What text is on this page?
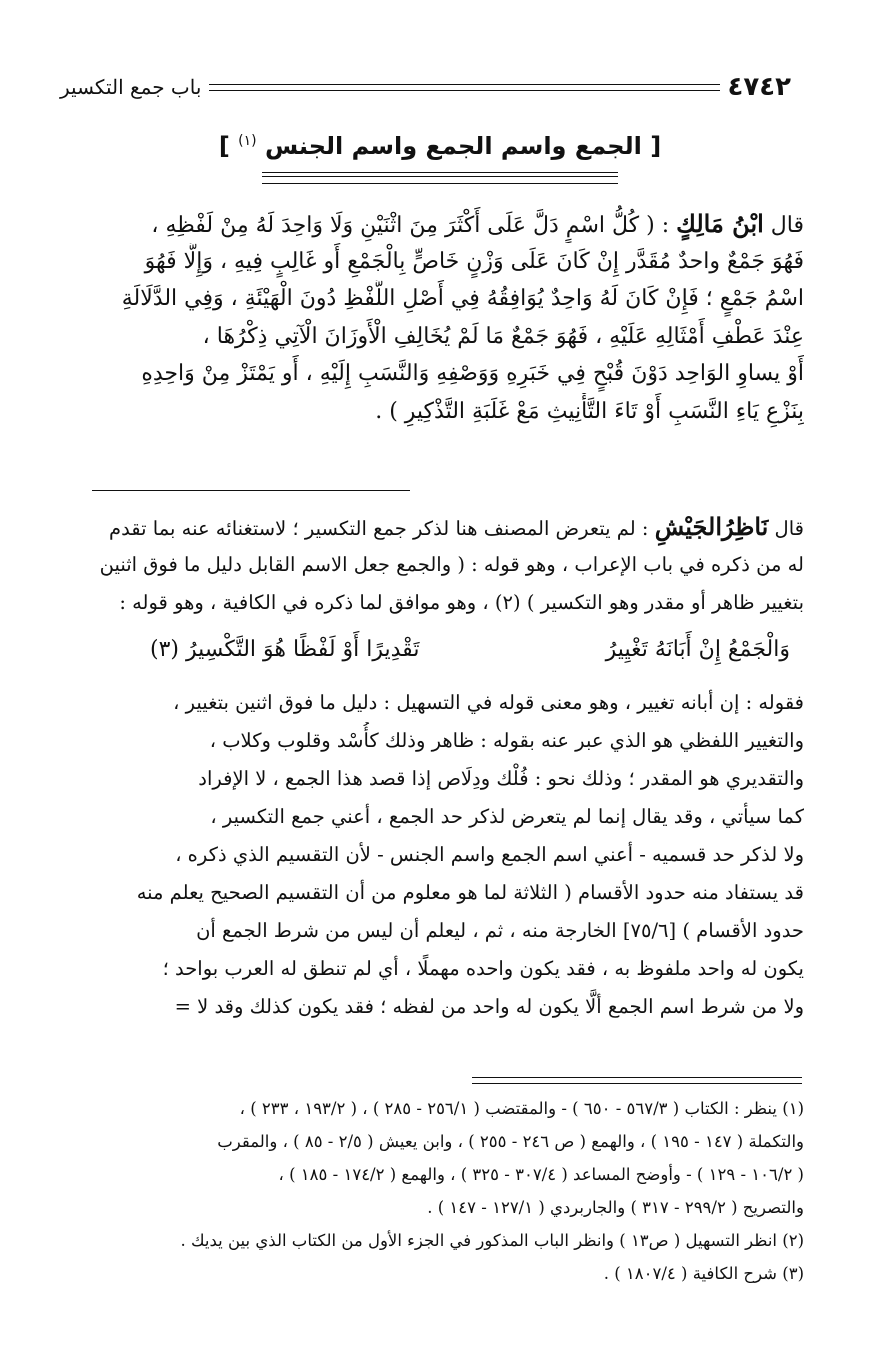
٤٧٤٢
باب جمع التكسير
[ الجمع واسم الجمع واسم الجنس $^{(١)}$ ]
قال ابْنُ مَالِكٍ : ( كُلُّ اسْمٍ دَلَّ عَلَى أَكْثَرَ مِنَ اثْنَيْنِ وَلَا وَاحِدَ لَهُ مِنْ لَفْظِهِ ،
فَهُوَ جَمْعٌ واحدٌ مُقَدَّر إِنْ كَانَ عَلَى وَزْنٍ خَاصٍّ بِالْجَمْعِ أَو غَالِبٍ فِيهِ ، وَإِلَّا فَهُوَ
اسْمُ جَمْعٍ ؛ فَإِنْ كَانَ لَهُ وَاحِدٌ يُوَافِقُهُ فِي أَصْلِ اللَّفْظِ دُونَ الْهَيْئَةِ ، وَفِي الدَّلَالَةِ
عِنْدَ عَطْفِ أَمْثَالِهِ عَلَيْهِ ، فَهُوَ جَمْعٌ مَا لَمْ يُخَالِفِ الْأَوزَانَ الْآتِي ذِكْرُهَا ،
أَوْ يساوِ الوَاحِد دَوْنَ قُبْحٍ فِي خَبَرِهِ وَوَصْفِهِ وَالنَّسَبِ إِلَيْهِ ، أَو يَمْتَزْ مِنْ وَاحِدِهِ
بِنَزْعِ يَاءِ النَّسَبِ أَوْ تَاءَ التَّأْنِيثِ مَعْ غَلَبَةِ التَّذْكِيرِ ) .
قال نَاظِرُالجَيْشِ : لم يتعرض المصنف هنا لذكر جمع التكسير ؛ لاستغنائه عنه بما تقدم
له من ذكره في باب الإعراب ، وهو قوله : ( والجمع جعل الاسم القابل دليل ما فوق اثنين
بتغيير ظاهر أو مقدر وهو التكسير ) (٢) ، وهو موافق لما ذكره في الكافية ، وهو قوله :
وَالْجَمْعُ إِنْ أَبَانَهُ تَغْيِيرُ
تَقْدِيرًا أَوْ لَفْظًا هُوَ التَّكْسِيرُ (٣)
فقوله : إن أبانه تغيير ، وهو معنى قوله في التسهيل : دليل ما فوق اثنين بتغيير ،
والتغيير اللفظي هو الذي عبر عنه بقوله : ظاهر وذلك كأُسْد وقلوب وكلاب ،
والتقديري هو المقدر ؛ وذلك نحو : فُلْك ودِلَاص إذا قصد هذا الجمع ، لا الإفراد
كما سيأتي ، وقد يقال إنما لم يتعرض لذكر حد الجمع ، أعني جمع التكسير ،
ولا لذكر حد قسميه - أعني اسم الجمع واسم الجنس - لأن التقسيم الذي ذكره ،
قد يستفاد منه حدود الأقسام ( الثلاثة لما هو معلوم من أن التقسيم الصحيح يعلم منه
حدود الأقسام ) [٧٥/٦] الخارجة منه ، ثم ، ليعلم أن ليس من شرط الجمع أن
يكون له واحد ملفوظ به ، فقد يكون واحده مهملًا ، أي لم تنطق له العرب بواحد ؛
ولا من شرط اسم الجمع ألَّا يكون له واحد من لفظه ؛ فقد يكون كذلك وقد لا =
(١) ينظر : الكتاب ( ٥٦٧/٣ - ٦٥٠ ) - والمقتضب ( ٢٥٦/١ - ٢٨٥ ) ، ( ١٩٣/٢ ، ٢٣٣ ) ،
والتكملة ( ١٤٧ - ١٩٥ ) ، والهمع ( ص ٢٤٦ - ٢٥٥ ) ، وابن يعيش ( ٢/٥ - ٨٥ ) ، والمقرب
( ١٠٦/٢ - ١٢٩ ) - وأوضح المساعد ( ٣٠٧/٤ - ٣٢٥ ) ، والهمع ( ١٧٤/٢ - ١٨٥ ) ،
والتصريح ( ٢٩٩/٢ - ٣١٧ ) والجاربردي ( ١٢٧/١ - ١٤٧ ) .
(٢) انظر التسهيل ( ص١٣ ) وانظر الباب المذكور في الجزء الأول من الكتاب الذي بين يديك .
(٣) شرح الكافية ( ١٨٠٧/٤ ) .
